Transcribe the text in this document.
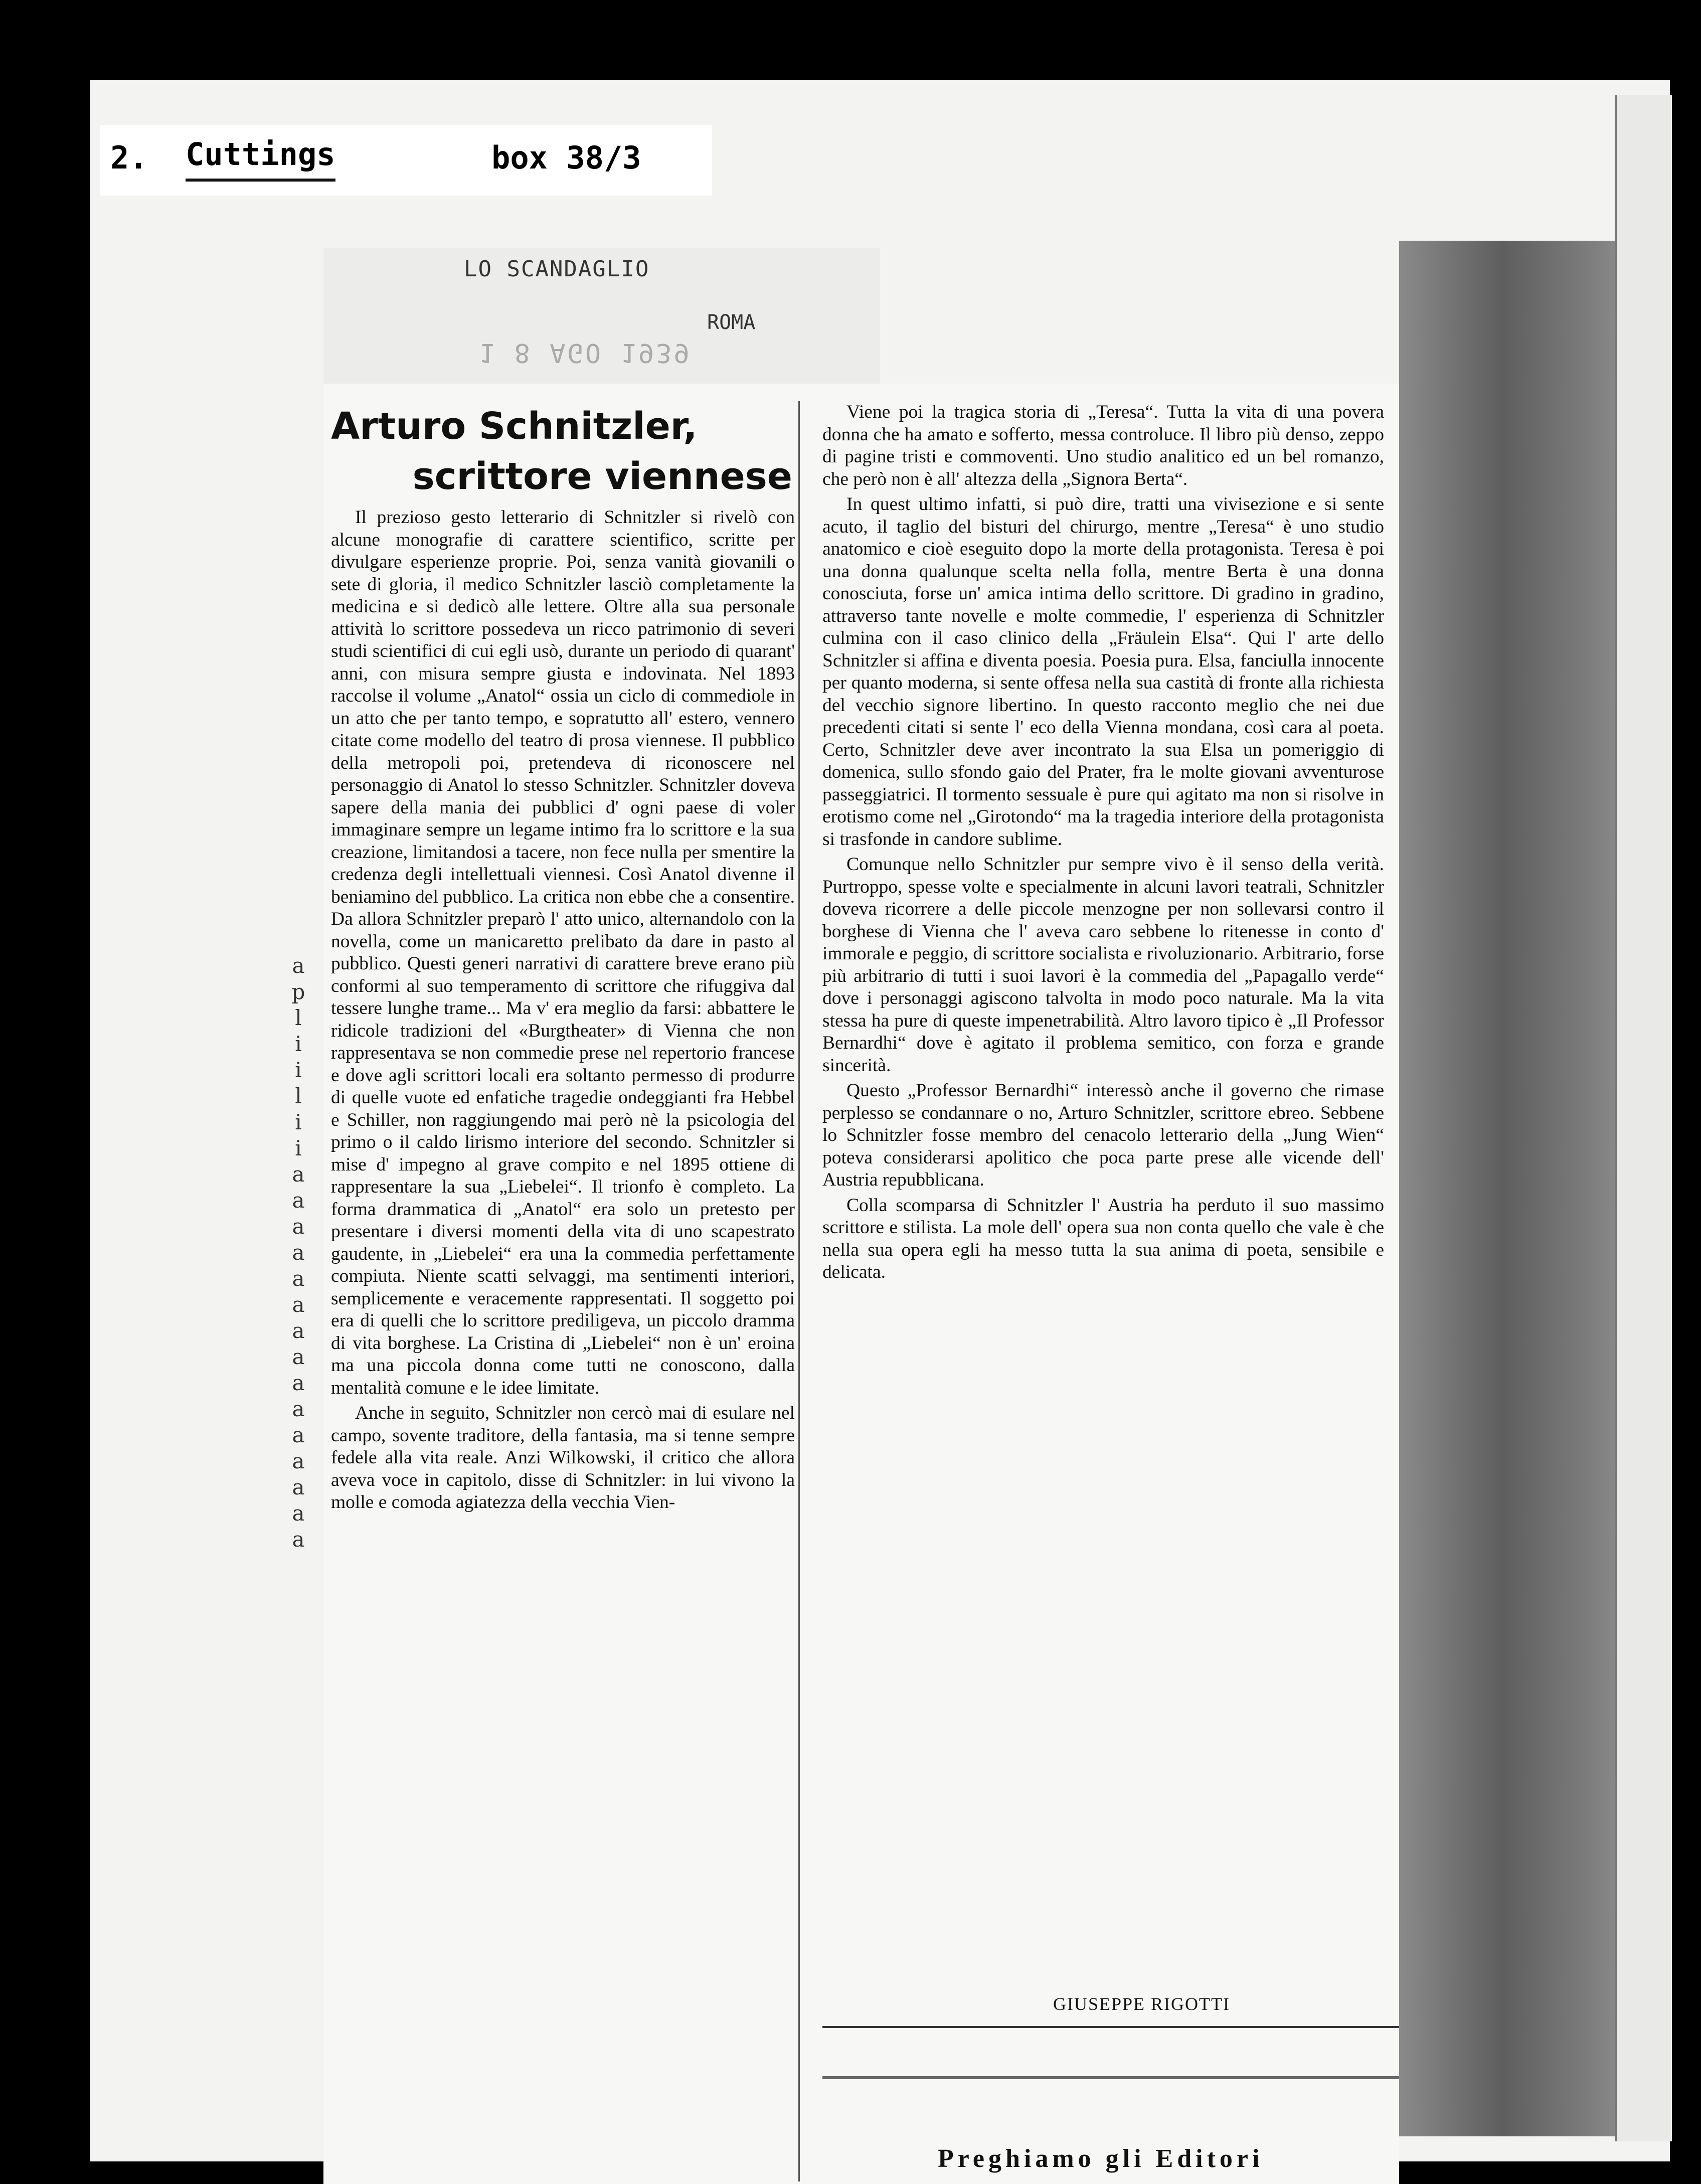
2. Cuttings	box 38/3
LO SCANDAGLIO
ROMA
1 8 AGO 1939
a
p
l
i
i
l
i
i
a
a
a
a
a
a
a
a
a
a
a
a
a
a
a
Arturo Schnitzler,
scrittore viennese

Il prezioso gesto letterario di Schnitzler si rivelò con alcune monografie di carattere scientifico, scritte per divulgare esperienze proprie. Poi, senza vanità giovanili o sete di gloria, il medico Schnitzler lasciò completamente la medicina e si dedicò alle lettere. Oltre alla sua personale attività lo scrittore possedeva un ricco patrimonio di severi studi scientifici di cui egli usò, durante un periodo di quarant' anni, con misura sempre giusta e indovinata. Nel 1893 raccolse il volume „Anatol“ ossia un ciclo di commediole in un atto che per tanto tempo, e sopratutto all' estero, vennero citate come modello del teatro di prosa viennese. Il pubblico della metropoli poi, pretendeva di riconoscere nel personaggio di Anatol lo stesso Schnitzler. Schnitzler doveva sapere della mania dei pubblici d' ogni paese di voler immaginare sempre un legame intimo fra lo scrittore e la sua creazione, limitandosi a tacere, non fece nulla per smentire la credenza degli intellettuali viennesi. Così Anatol divenne il beniamino del pubblico. La critica non ebbe che a consentire. Da allora Schnitzler preparò l' atto unico, alternandolo con la novella, come un manicaretto prelibato da dare in pasto al pubblico. Questi generi narrativi di carattere breve erano più conformi al suo temperamento di scrittore che rifuggiva dal tessere lunghe trame... Ma v' era meglio da farsi: abbattere le ridicole tradizioni del «Burgtheater» di Vienna che non rappresentava se non commedie prese nel repertorio francese e dove agli scrittori locali era soltanto permesso di produrre di quelle vuote ed enfatiche tragedie ondeggianti fra Hebbel e Schiller, non raggiungendo mai però nè la psicologia del primo o il caldo lirismo interiore del secondo. Schnitzler si mise d' impegno al grave compito e nel 1895 ottiene di rappresentare la sua „Liebelei“. Il trionfo è completo. La forma drammatica di „Anatol“ era solo un pretesto per presentare i diversi momenti della vita di uno scapestrato gaudente, in „Liebelei“ era una la commedia perfettamente compiuta. Niente scatti selvaggi, ma sentimenti interiori, semplicemente e veracemente rappresentati. Il soggetto poi era di quelli che lo scrittore prediligeva, un piccolo dramma di vita borghese. La Cristina di „Liebelei“ non è un' eroina ma una piccola donna come tutti ne conoscono, dalla mentalità comune e le idee limitate.

Anche in seguito, Schnitzler non cercò mai di esulare nel campo, sovente traditore, della fantasia, ma si tenne sempre fedele alla vita reale. Anzi Wilkowski, il critico che allora aveva voce in capitolo, disse di Schnitzler: in lui vivono la molle e comoda agiatezza della vecchia Vien-

Viene poi la tragica storia di „Teresa“. Tutta la vita di una povera donna che ha amato e sofferto, messa controluce. Il libro più denso, zeppo di pagine tristi e commoventi. Uno studio analitico ed un bel romanzo, che però non è all' altezza della „Signora Berta“.

In quest ultimo infatti, si può dire, tratti una vivisezione e si sente acuto, il taglio del bisturi del chirurgo, mentre „Teresa“ è uno studio anatomico e cioè eseguito dopo la morte della protagonista. Teresa è poi una donna qualunque scelta nella folla, mentre Berta è una donna conosciuta, forse un' amica intima dello scrittore. Di gradino in gradino, attraverso tante novelle e molte commedie, l' esperienza di Schnitzler culmina con il caso clinico della „Fräulein Elsa“. Qui l' arte dello Schnitzler si affina e diventa poesia. Poesia pura. Elsa, fanciulla innocente per quanto moderna, si sente offesa nella sua castità di fronte alla richiesta del vecchio signore libertino. In questo racconto meglio che nei due precedenti citati si sente l' eco della Vienna mondana, così cara al poeta. Certo, Schnitzler deve aver incontrato la sua Elsa un pomeriggio di domenica, sullo sfondo gaio del Prater, fra le molte giovani avventurose passeggiatrici. Il tormento sessuale è pure qui agitato ma non si risolve in erotismo come nel „Girotondo“ ma la tragedia interiore della protagonista si trasfonde in candore sublime.

Comunque nello Schnitzler pur sempre vivo è il senso della verità. Purtroppo, spesse volte e specialmente in alcuni lavori teatrali, Schnitzler doveva ricorrere a delle piccole menzogne per non sollevarsi contro il borghese di Vienna che l' aveva caro sebbene lo ritenesse in conto d' immorale e peggio, di scrittore socialista e rivoluzionario. Arbitrario, forse più arbitrario di tutti i suoi lavori è la commedia del „Papagallo verde“ dove i personaggi agiscono talvolta in modo poco naturale. Ma la vita stessa ha pure di queste impenetrabilità. Altro lavoro tipico è „Il Professor Bernardhi“ dove è agitato il problema semitico, con forza e grande sincerità.

Questo „Professor Bernardhi“ interessò anche il governo che rimase perplesso se condannare o no, Arturo Schnitzler, scrittore ebreo. Sebbene lo Schnitzler fosse membro del cenacolo letterario della „Jung Wien“ poteva considerarsi apolitico che poca parte prese alle vicende dell' Austria repubblicana.

Colla scomparsa di Schnitzler l' Austria ha perduto il suo massimo scrittore e stilista. La mole dell' opera sua non conta quello che vale è che nella sua opera egli ha messo tutta la sua anima di poeta, sensibile e delicata.

GIUSEPPE RIGOTTI
Preghiamo gli Editori
